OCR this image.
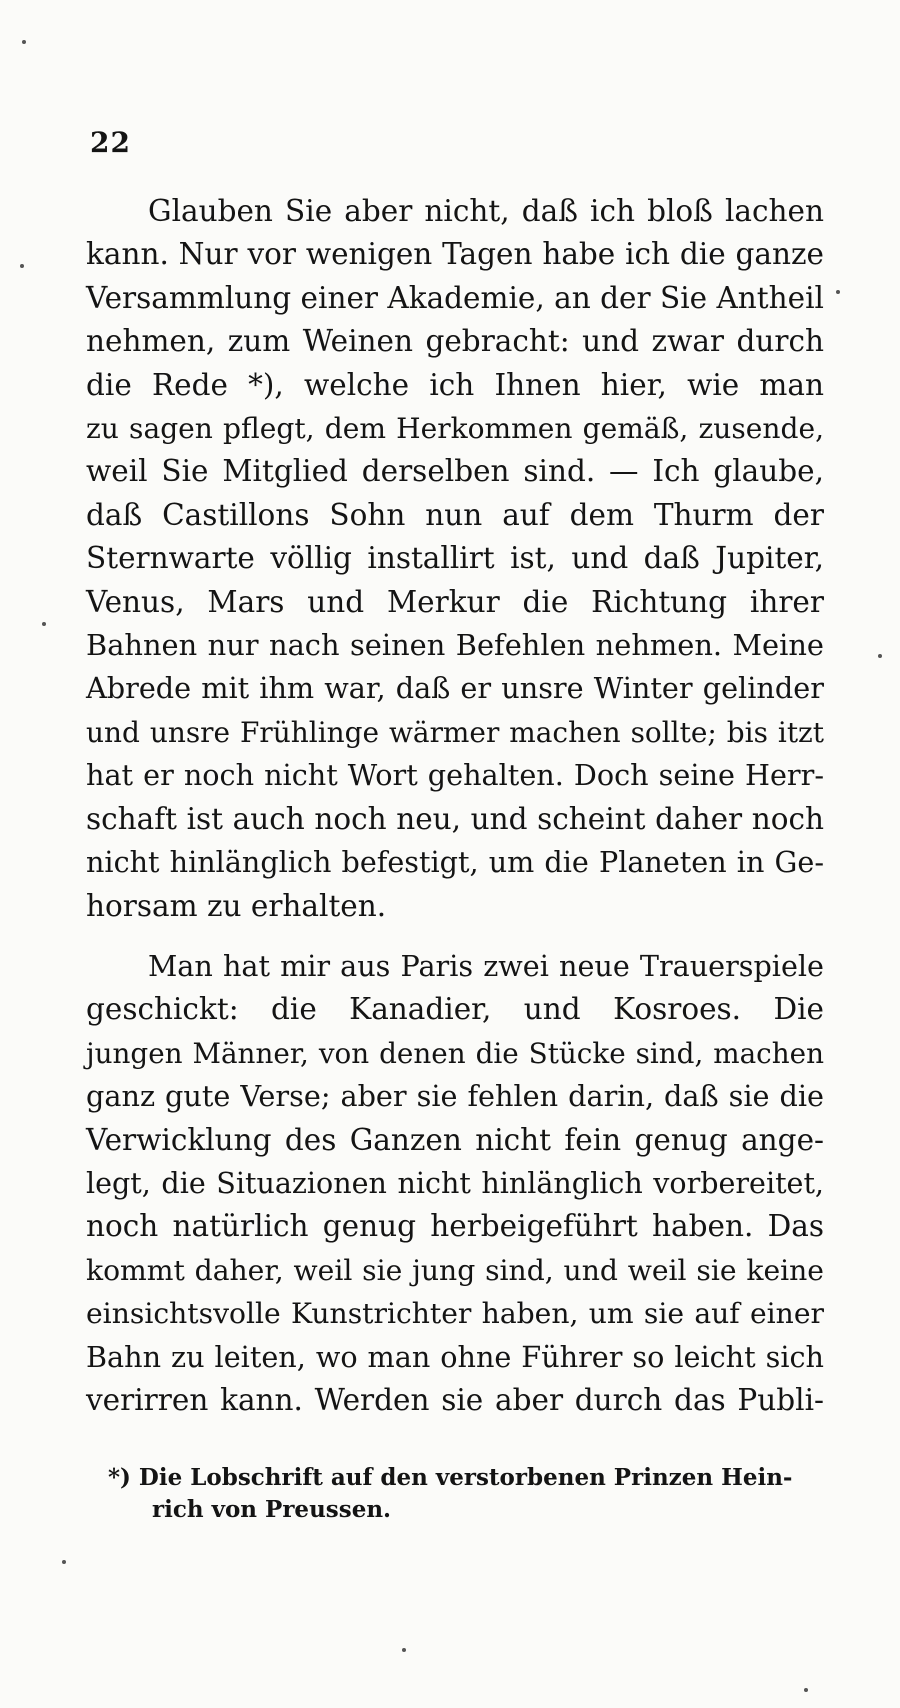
22
Glauben Sie aber nicht, daß ich bloß lachen
kann. Nur vor wenigen Tagen habe ich die ganze
Versammlung einer Akademie, an der Sie Antheil
nehmen, zum Weinen gebracht: und zwar durch
die Rede *), welche ich Ihnen hier, wie man
zu sagen pflegt, dem Herkommen gemäß, zusende,
weil Sie Mitglied derselben sind. — Ich glaube,
daß Castillons Sohn nun auf dem Thurm der
Sternwarte völlig installirt ist, und daß Jupiter,
Venus, Mars und Merkur die Richtung ihrer
Bahnen nur nach seinen Befehlen nehmen. Meine
Abrede mit ihm war, daß er unsre Winter gelinder
und unsre Frühlinge wärmer machen sollte; bis itzt
hat er noch nicht Wort gehalten. Doch seine Herr-
schaft ist auch noch neu, und scheint daher noch
nicht hinlänglich befestigt, um die Planeten in Ge-
horsam zu erhalten.
Man hat mir aus Paris zwei neue Trauerspiele
geschickt: die Kanadier, und Kosroes. Die
jungen Männer, von denen die Stücke sind, machen
ganz gute Verse; aber sie fehlen darin, daß sie die
Verwicklung des Ganzen nicht fein genug ange-
legt, die Situazionen nicht hinlänglich vorbereitet,
noch natürlich genug herbeigeführt haben. Das
kommt daher, weil sie jung sind, und weil sie keine
einsichtsvolle Kunstrichter haben, um sie auf einer
Bahn zu leiten, wo man ohne Führer so leicht sich
verirren kann. Werden sie aber durch das Publi-
*) Die Lobschrift auf den verstorbenen Prinzen Hein-
rich von Preussen.
